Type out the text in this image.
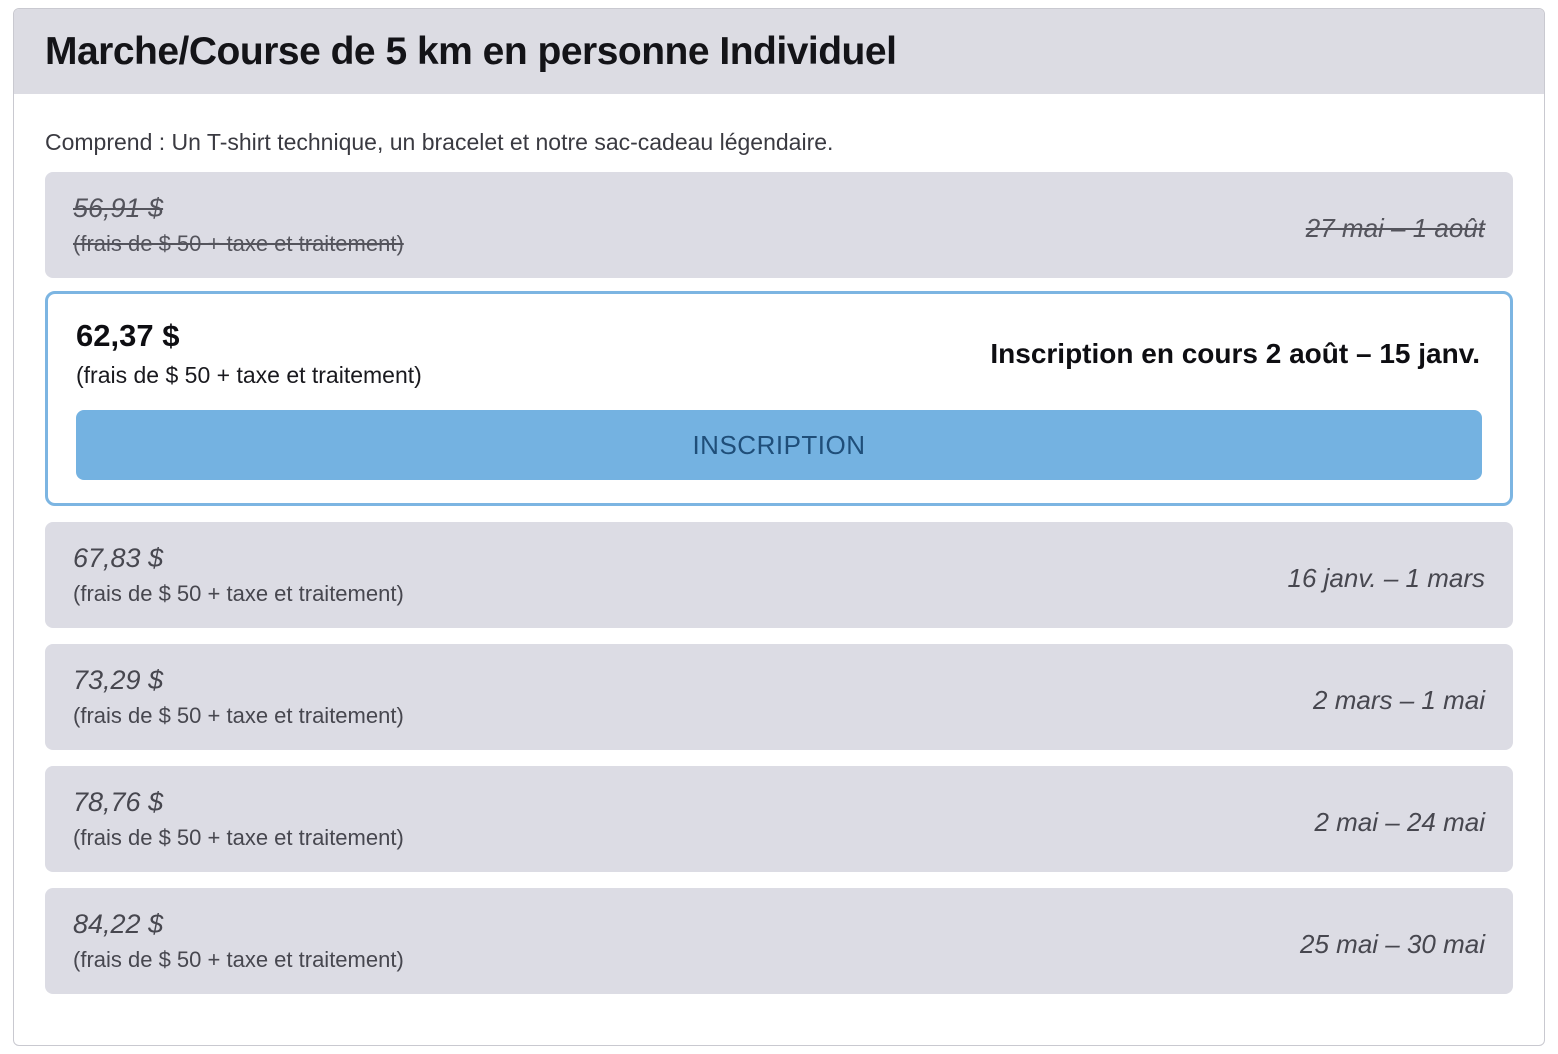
Marche/Course de 5 km en personne Individuel

Comprend : Un T-shirt technique, un bracelet et notre sac-cadeau légendaire.

56,91 $
(frais de $ 50 + taxe et traitement)
27 mai – 1 août
62,37 $
(frais de $ 50 + taxe et traitement)
Inscription en cours 2 août – 15 janv.
INSCRIPTION
67,83 $
(frais de $ 50 + taxe et traitement)
16 janv. – 1 mars
73,29 $
(frais de $ 50 + taxe et traitement)
2 mars – 1 mai
78,76 $
(frais de $ 50 + taxe et traitement)
2 mai – 24 mai
84,22 $
(frais de $ 50 + taxe et traitement)
25 mai – 30 mai
